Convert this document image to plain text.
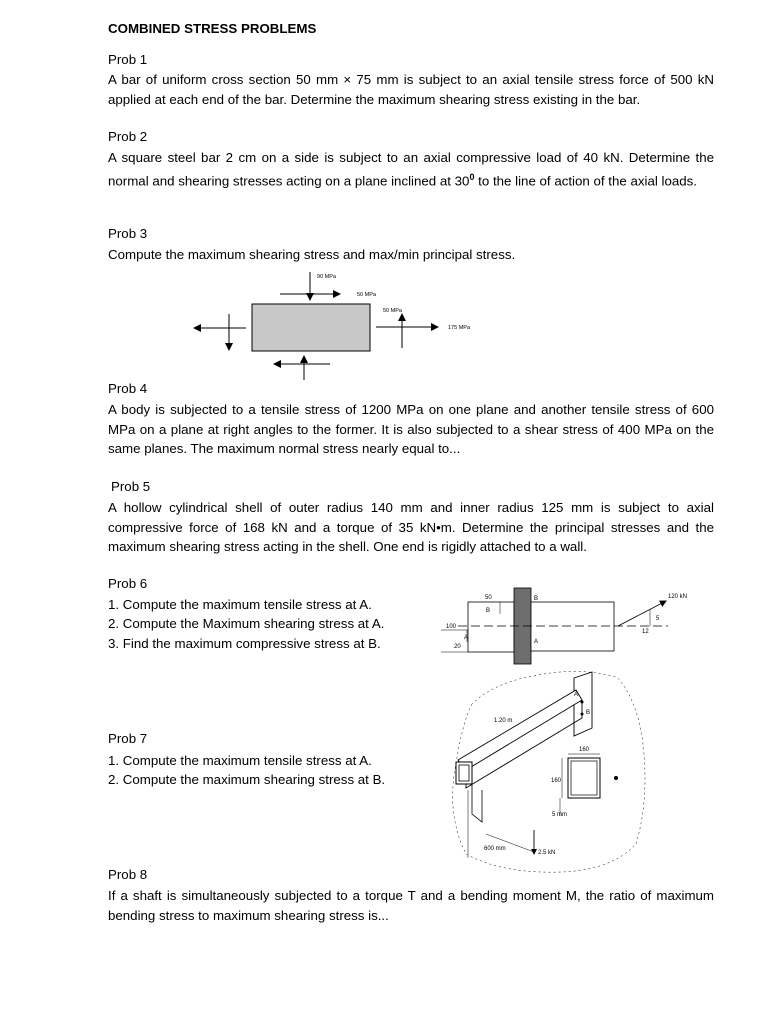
COMBINED STRESS PROBLEMS
Prob 1
A bar of uniform cross section 50 mm × 75 mm is subject to an axial tensile stress force of 500 kN applied at each end of the bar. Determine the maximum shearing stress existing in the bar.
Prob 2
A square steel bar 2 cm on a side is subject to an axial compressive load of 40 kN. Determine the normal and shearing stresses acting on a plane inclined at $30^0$ to the line of action of the axial loads.
Prob 3
Compute the maximum shearing stress and max/min principal stress.
90 MPa
50 MPa
50 MPa
175 MPa
Prob 4
A body is subjected to a tensile stress of 1200 MPa on one plane and another tensile stress of 600 MPa on a plane at right angles to the former. It is also subjected to a shear stress of 400 MPa on the same planes. The maximum normal stress nearly equal to...
Prob 5
A hollow cylindrical shell of outer radius 140 mm and inner radius 125 mm is subject to axial compressive force of 168 kN and a torque of 35 kN•m. Determine the principal stresses and the maximum shearing stress acting in the shell. One end is rigidly attached to a wall.
Prob 6
1. Compute the maximum tensile stress at A.
2. Compute the Maximum shearing stress at A.
3. Find the maximum compressive stress at B.
50
B
B	120 kN
5
12
100
A
A
20
Prob 7
1. Compute the maximum tensile stress at A.
2. Compute the maximum shearing stress at B.
1.20 m
A
B
160
160
5 mm
600 mm
2.5 kN
Prob 8
If a shaft is simultaneously subjected to a torque T and a bending moment M, the ratio of maximum bending stress to maximum shearing stress is...
